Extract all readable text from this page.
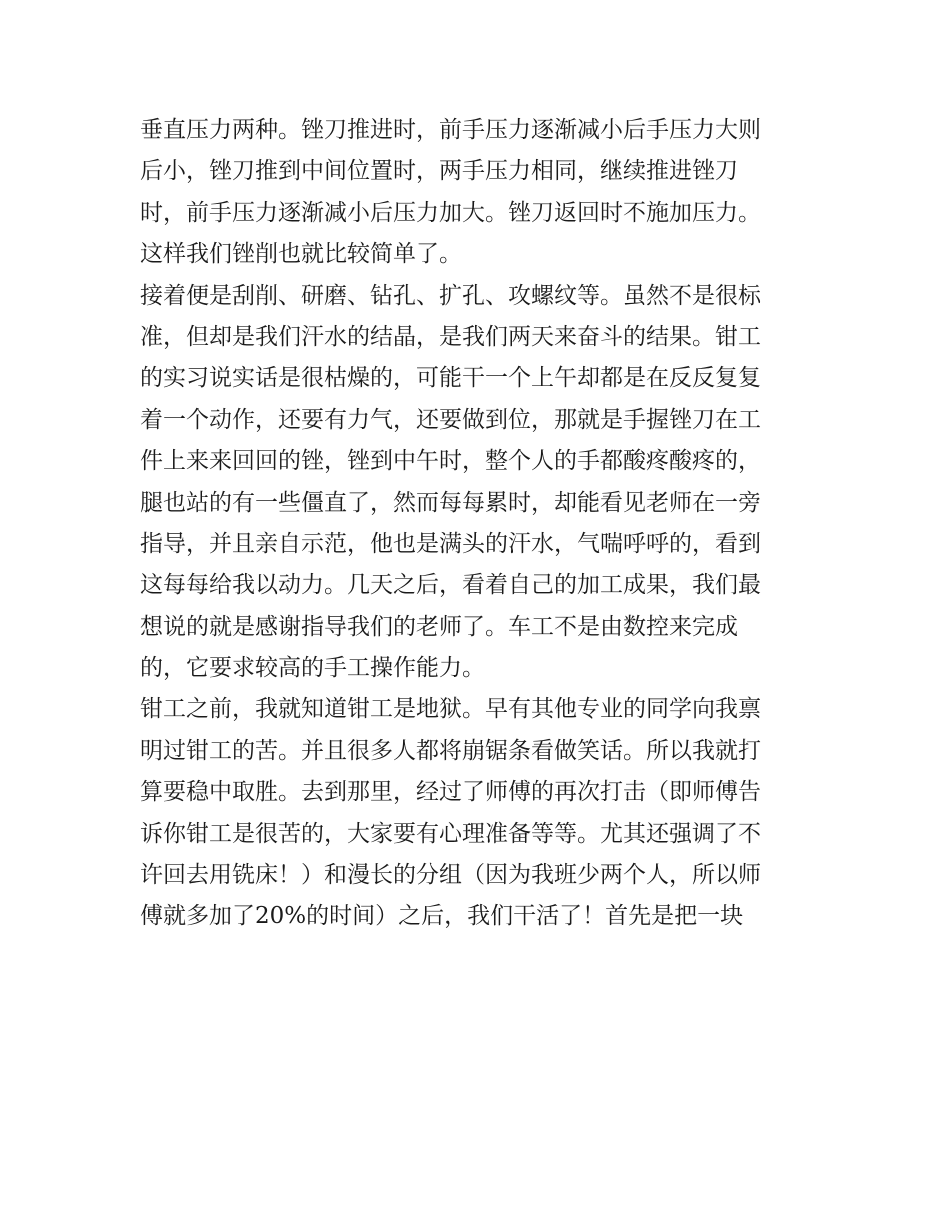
垂直压力两种。锉刀推进时，前手压力逐渐减小后手压力大则
后小，锉刀推到中间位置时，两手压力相同，继续推进锉刀
时，前手压力逐渐减小后压力加大。锉刀返回时不施加压力。
这样我们锉削也就比较简单了。
接着便是刮削、研磨、钻孔、扩孔、攻螺纹等。虽然不是很标
准，但却是我们汗水的结晶，是我们两天来奋斗的结果。钳工
的实习说实话是很枯燥的，可能干一个上午却都是在反反复复
着一个动作，还要有力气，还要做到位，那就是手握锉刀在工
件上来来回回的锉，锉到中午时，整个人的手都酸疼酸疼的，
腿也站的有一些僵直了，然而每每累时，却能看见老师在一旁
指导，并且亲自示范，他也是满头的汗水，气喘呼呼的，看到
这每每给我以动力。几天之后，看着自己的加工成果，我们最
想说的就是感谢指导我们的老师了。车工不是由数控来完成
的，它要求较高的手工操作能力。
钳工之前，我就知道钳工是地狱。早有其他专业的同学向我禀
明过钳工的苦。并且很多人都将崩锯条看做笑话。所以我就打
算要稳中取胜。去到那里，经过了师傅的再次打击（即师傅告
诉你钳工是很苦的，大家要有心理准备等等。尤其还强调了不
许回去用铣床！）和漫长的分组（因为我班少两个人，所以师
傅就多加了20%的时间）之后，我们干活了！首先是把一块
